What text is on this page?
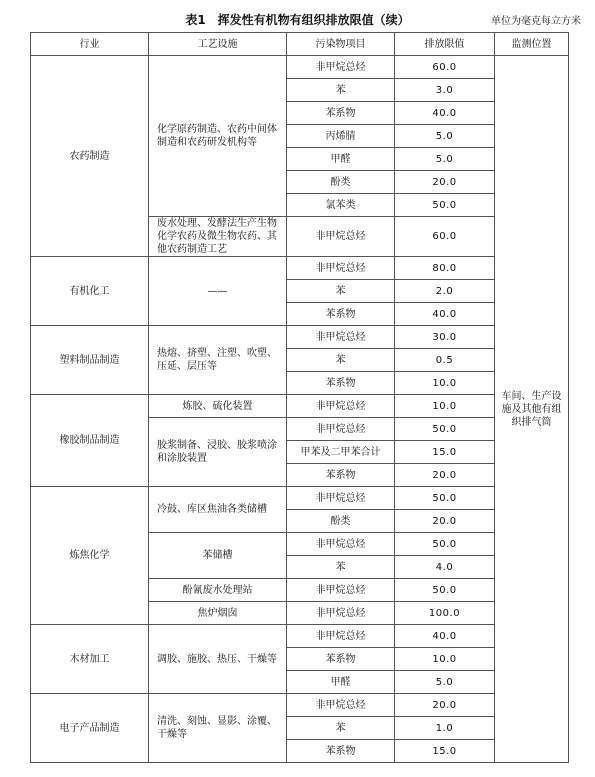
表1　挥发性有机物有组织排放限值（续）	单位为毫克每立方米
行业	工艺设施	污染物项目	排放限值	监测位置
农药制造	化学原药制造、农药中间体制造和农药研发机构等	非甲烷总烃	60.0	车间、生产设施及其他有组织排气筒
		苯	3.0	
		苯系物	40.0	
		丙烯腈	5.0	
		甲醛	5.0	
		酚类	20.0	
		氯苯类	50.0	
	废水处理、发酵法生产生物化学农药及微生物农药、其他农药制造工艺	非甲烷总烃	60.0	
有机化工	——	非甲烷总烃	80.0	
		苯	2.0	
		苯系物	40.0	
塑料制品制造	热熔、挤塑、注塑、吹塑、压延、层压等	非甲烷总烃	30.0	
		苯	0.5	
		苯系物	10.0	
橡胶制品制造	炼胶、硫化装置	非甲烷总烃	10.0	
	胶浆制备、浸胶、胶浆喷涂和涂胶装置	非甲烷总烃	50.0	
		甲苯及二甲苯合计	15.0	
		苯系物	20.0	
炼焦化学	冷鼓、库区焦油各类储槽	非甲烷总烃	50.0	
		酚类	20.0	
	苯储槽	非甲烷总烃	50.0	
		苯	4.0	
	酚氰废水处理站	非甲烷总烃	50.0	
	焦炉烟囱	非甲烷总烃	100.0	
木材加工	调胶、施胶、热压、干燥等	非甲烷总烃	40.0	
		苯系物	10.0	
		甲醛	5.0	
电子产品制造	清洗、刻蚀、显影、涂覆、干燥等	非甲烷总烃	20.0	
		苯	1.0	
		苯系物	15.0	
